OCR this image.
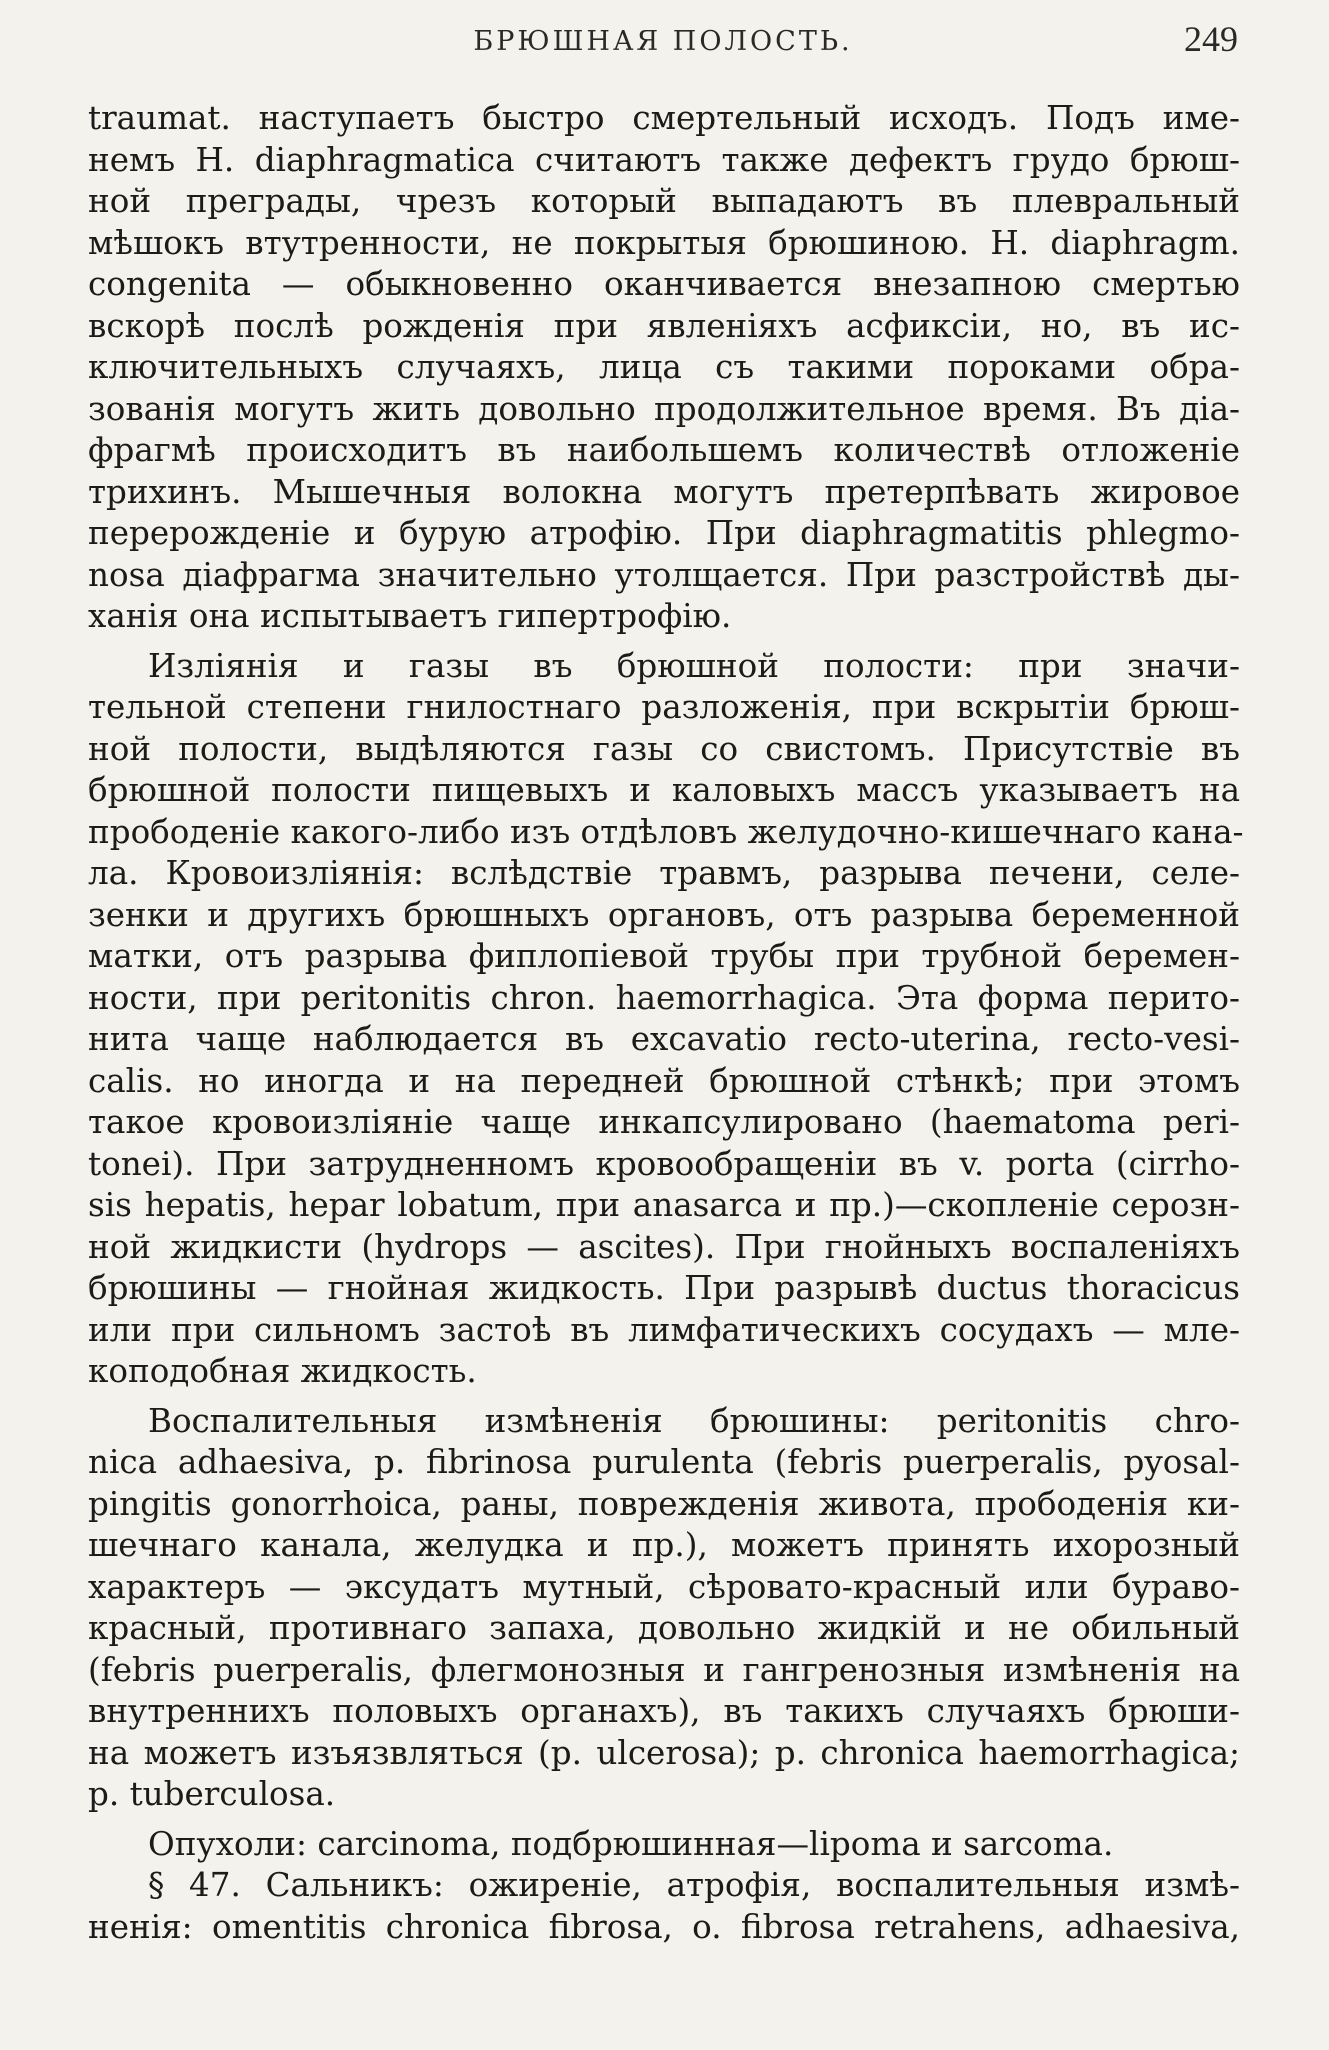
БРЮШНАЯ ПОЛОСТЬ.	249
traumat. наступаетъ быстро смертельный исходъ. Подъ име-
немъ H. diaphragmatica считаютъ также дефектъ грудо брюш-
ной преграды, чрезъ который выпадаютъ въ плевральный
мѣшокъ втутренности, не покрытыя брюшиною. H. diaphragm.
congenita — обыкновенно оканчивается внезапною смертью
вскорѣ послѣ рожденія при явленіяхъ асфиксіи, но, въ ис-
ключительныхъ случаяхъ, лица съ такими пороками обра-
зованія могутъ жить довольно продолжительное время. Въ діа-
фрагмѣ происходитъ въ наибольшемъ количествѣ отложеніе
трихинъ. Мышечныя волокна могутъ претерпѣвать жировое
перерожденіе и бурую атрофію. При diaphragmatitis phlegmo-
nosa діафрагма значительно утолщается. При разстройствѣ ды-
ханія она испытываетъ гипертрофію.
Изліянія и газы въ брюшной полости: при значи-
тельной степени гнилостнаго разложенія, при вскрытіи брюш-
ной полости, выдѣляются газы со свистомъ. Присутствіе въ
брюшной полости пищевыхъ и каловыхъ массъ указываетъ на
прободеніе какого-либо изъ отдѣловъ желудочно-кишечнаго кана-
ла. Кровоизліянія: вслѣдствіе травмъ, разрыва печени, селе-
зенки и другихъ брюшныхъ органовъ, отъ разрыва беременной
матки, отъ разрыва фиплопіевой трубы при трубной беремен-
ности, при peritonitis chron. haemorrhagica. Эта форма перито-
нита чаще наблюдается въ excavatio recto-uterina, recto-vesi-
calis. но иногда и на передней брюшной стѣнкѣ; при этомъ
такое кровоизліяніе чаще инкапсулировано (haematoma peri-
tonei). При затрудненномъ кровообращеніи въ v. porta (cirrho-
sis hepatis, hepar lobatum, при anasarca и пр.)—скопленіе серозн-
ной жидкисти (hydrops — ascites). При гнойныхъ воспаленіяхъ
брюшины — гнойная жидкость. При разрывѣ ductus thoracicus
или при сильномъ застоѣ въ лимфатическихъ сосудахъ — мле-
коподобная жидкость.
Воспалительныя измѣненія брюшины: peritonitis chro-
nica adhaesiva, p. fibrinosa purulenta (febris puerperalis, pyosal-
pingitis gonorrhoica, раны, поврежденія живота, прободенія ки-
шечнаго канала, желудка и пр.), можетъ принять ихорозный
характеръ — эксудатъ мутный, сѣровато-красный или бураво-
красный, противнаго запаха, довольно жидкій и не обильный
(febris puerperalis, флегмонозныя и гангренозныя измѣненія на
внутреннихъ половыхъ органахъ), въ такихъ случаяхъ брюши-
на можетъ изъязвляться (p. ulcerosa); p. chronica haemorrhagica;
p. tuberculosa.
Опухоли: carcinoma, подбрюшинная—lipoma и sarcoma.
§ 47. Сальникъ: ожиреніе, атрофія, воспалительныя измѣ-
ненія: omentitis chronica fibrosa, o. fibrosa retrahens, adhaesiva,
